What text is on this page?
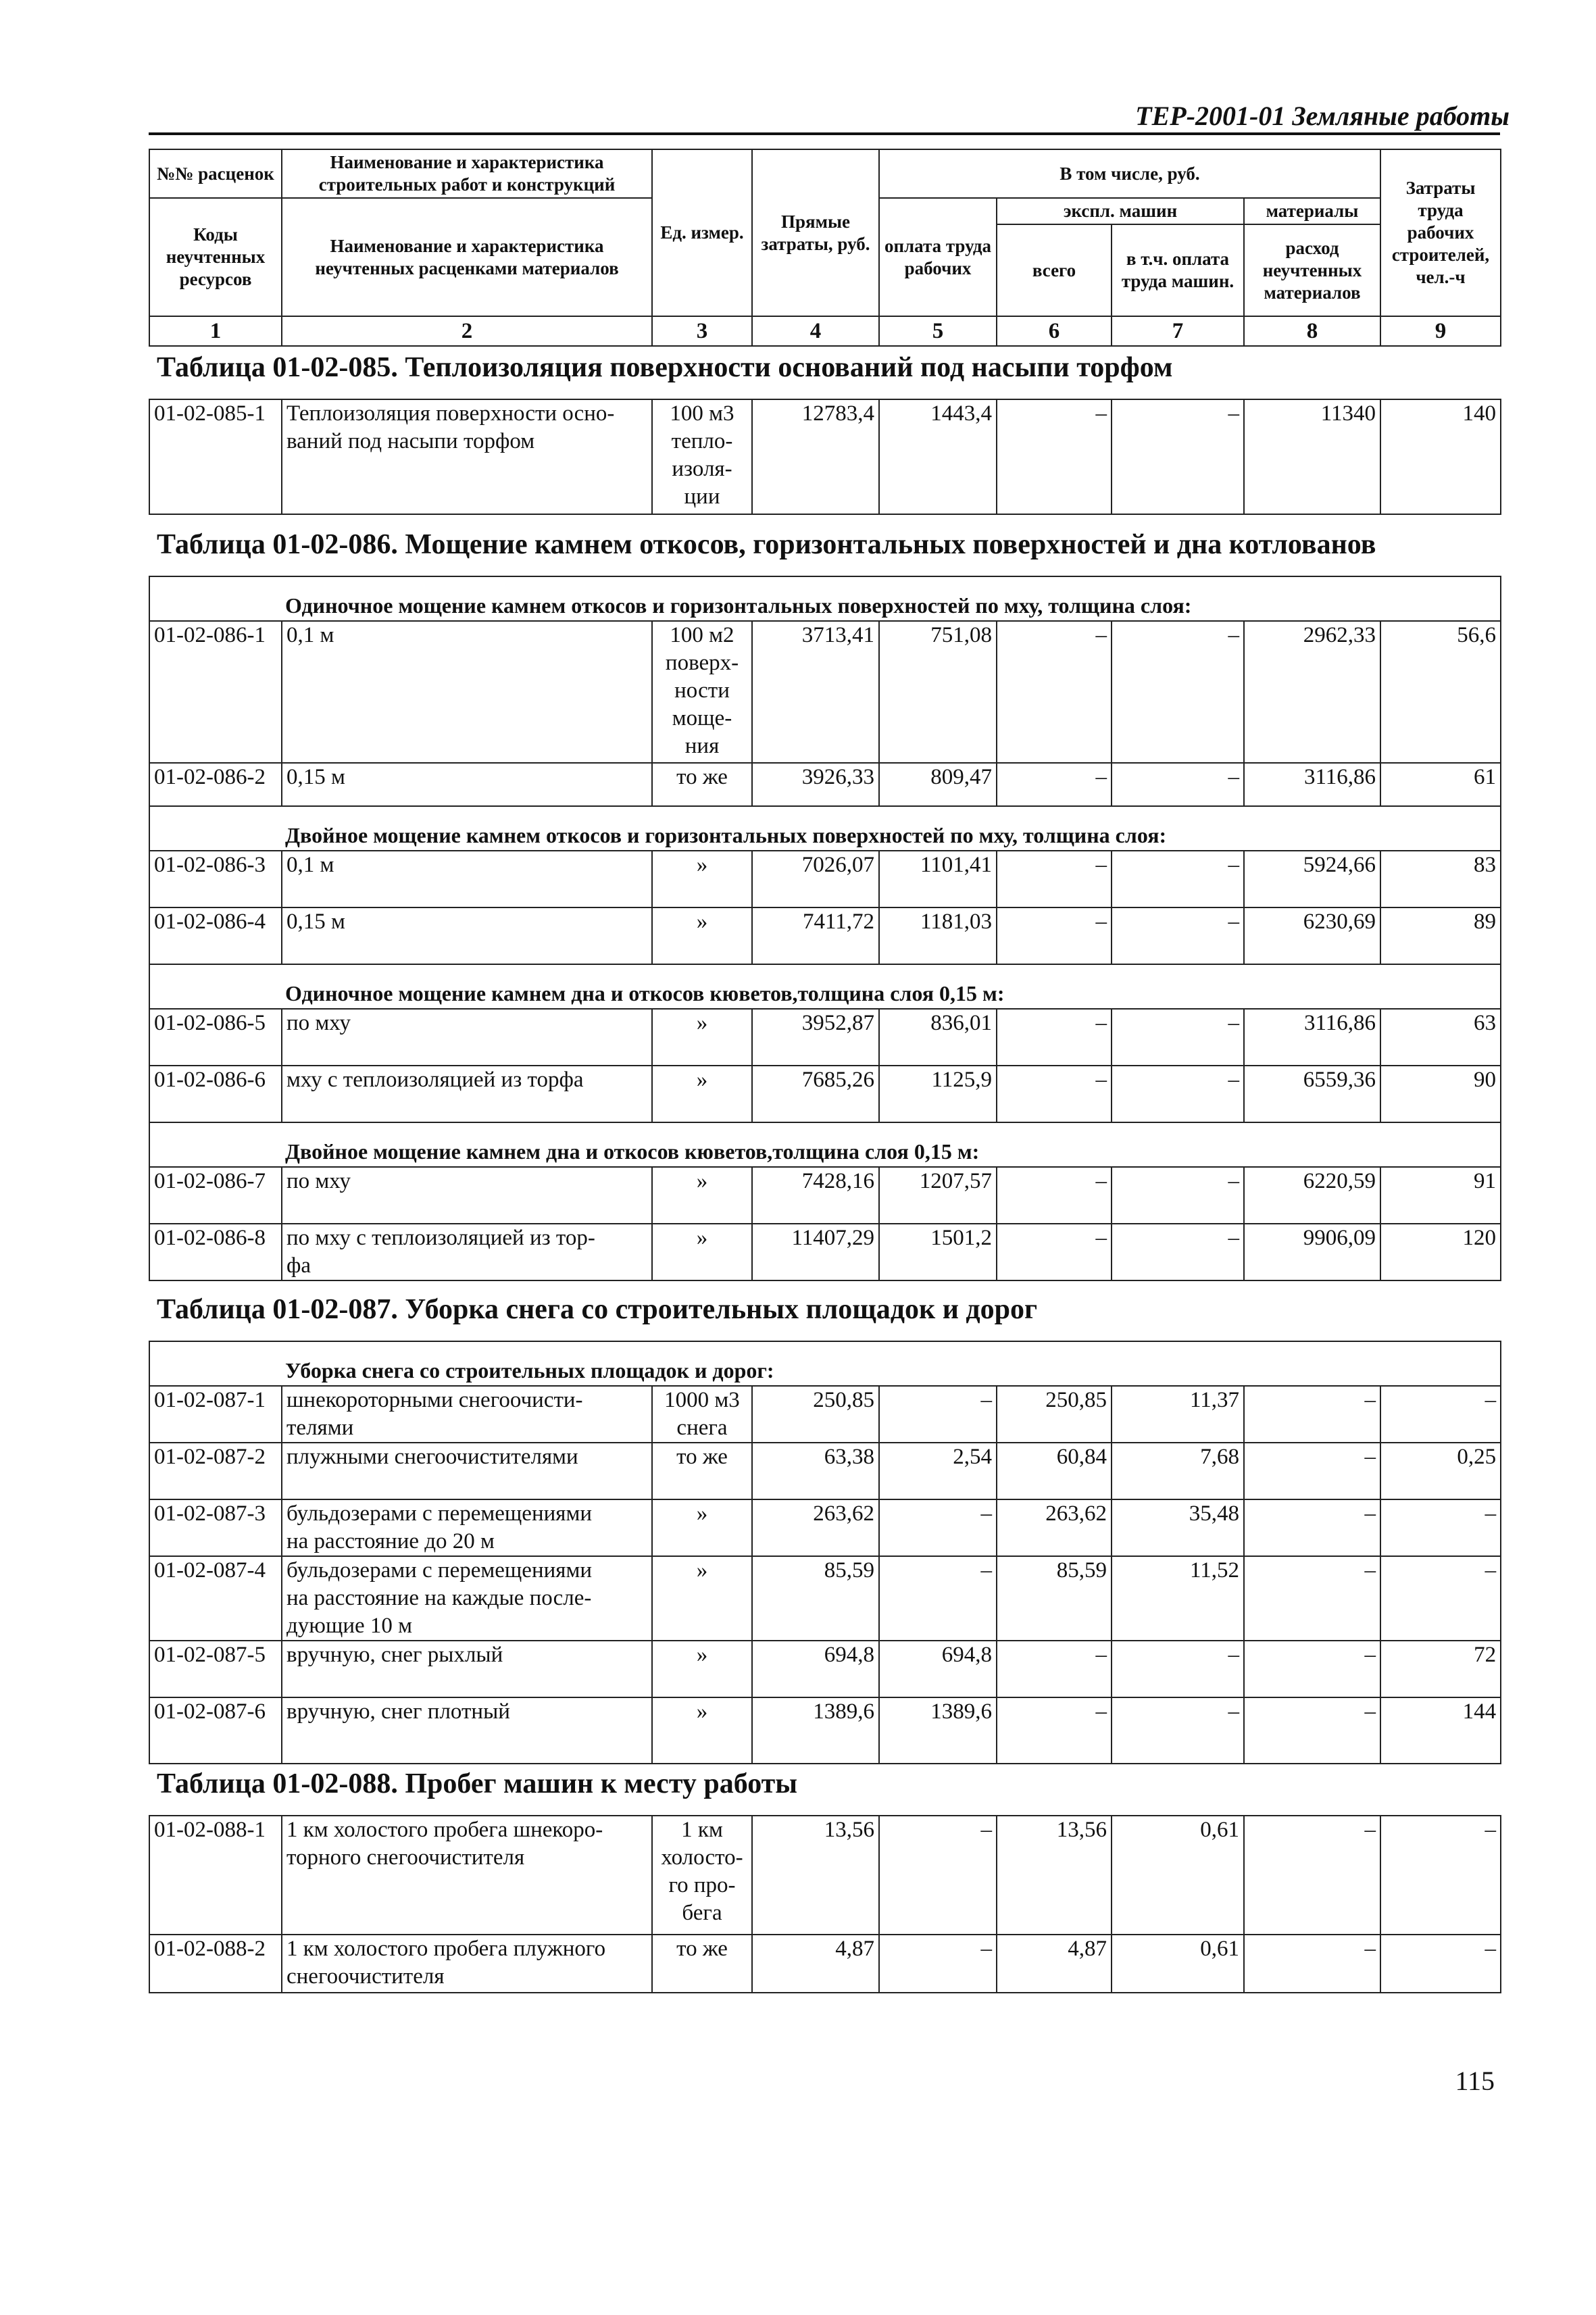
ТЕР-2001-01 Земляные работы
№№ расценок	Наименование и характеристика строительных работ и конструкций	Ед. измер.	Прямые затраты, руб.	В том числе, руб.				Затраты труда рабочих строителей, чел.-ч
Коды неучтенных ресурсов	Наименование и характеристика неучтенных расценками материалов			оплата труда рабочих	экспл. машин		материалы	
					всего	в т.ч. оплата труда машин.	расход неучтенных материалов	
1	2	3	4	5	6	7	8	9
Таблица 01-02-085. Теплоизоляция поверхности оснований под насыпи торфом
01-02-085-1	Теплоизоляция поверхности осно-
ваний под насыпи торфом	100 м3
тепло-
изоля-
ции	12783,4	1443,4	–	–	11340	140
Таблица 01-02-086. Мощение камнем откосов, горизонтальных поверхностей и дна котлованов
Одиночное мощение камнем откосов и горизонтальных поверхностей по мху, толщина слоя:								
01-02-086-1	0,1 м	100 м2
поверх-
ности
моще-
ния	3713,41	751,08	–	–	2962,33	56,6
01-02-086-2	0,15 м	то же	3926,33	809,47	–	–	3116,86	61
Двойное мощение камнем откосов и горизонтальных поверхностей по мху, толщина слоя:								
01-02-086-3	0,1 м	»	7026,07	1101,41	–	–	5924,66	83
01-02-086-4	0,15 м	»	7411,72	1181,03	–	–	6230,69	89
Одиночное мощение камнем дна и откосов кюветов,толщина слоя 0,15 м:								
01-02-086-5	по мху	»	3952,87	836,01	–	–	3116,86	63
01-02-086-6	мху с теплоизоляцией из торфа	»	7685,26	1125,9	–	–	6559,36	90
Двойное мощение камнем дна и откосов кюветов,толщина слоя 0,15 м:								
01-02-086-7	по мху	»	7428,16	1207,57	–	–	6220,59	91
01-02-086-8	по мху с теплоизоляцией из тор-
фа	»	11407,29	1501,2	–	–	9906,09	120
Таблица 01-02-087. Уборка снега со строительных площадок и дорог
Уборка снега со строительных площадок и дорог:								
01-02-087-1	шнекороторными снегоочисти-
телями	1000 м3
снега	250,85	–	250,85	11,37	–	–
01-02-087-2	плужными снегоочистителями	то же	63,38	2,54	60,84	7,68	–	0,25
01-02-087-3	бульдозерами с перемещениями
на расстояние до 20 м	»	263,62	–	263,62	35,48	–	–
01-02-087-4	бульдозерами с перемещениями
на расстояние на каждые после-
дующие 10 м	»	85,59	–	85,59	11,52	–	–
01-02-087-5	вручную, снег рыхлый	»	694,8	694,8	–	–	–	72
01-02-087-6	вручную, снег плотный	»	1389,6	1389,6	–	–	–	144
Таблица 01-02-088. Пробег машин к месту работы
01-02-088-1	1 км холостого пробега шнекоро-
торного снегоочистителя	1 км
холосто-
го про-
бега	13,56	–	13,56	0,61	–	–
01-02-088-2	1 км холостого пробега плужного
снегоочистителя	то же	4,87	–	4,87	0,61	–	–
115
